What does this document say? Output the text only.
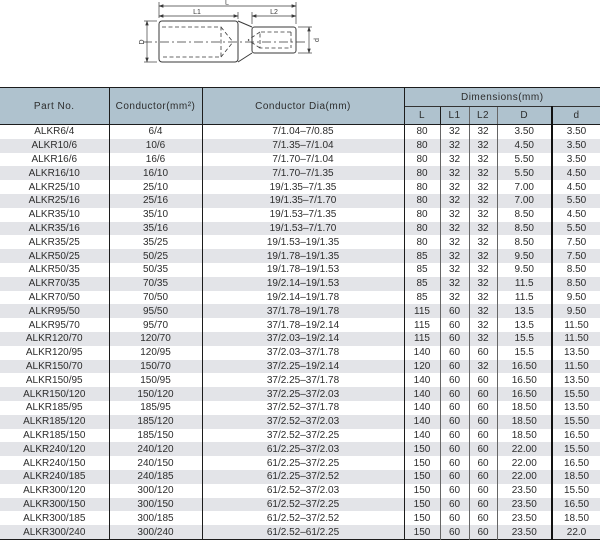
L
L1	L2
D	d
Part No.	Conductor(mm²)	Conductor Dia(mm)	Dimensions(mm)				
			L	L1	L2	D	d
ALKR6/4	6/4	7/1.04–7/0.85	80	32	32	3.50	3.50
ALKR10/6	10/6	7/1.35–7/1.04	80	32	32	4.50	3.50
ALKR16/6	16/6	7/1.70–7/1.04	80	32	32	5.50	3.50
ALKR16/10	16/10	7/1.70–7/1.35	80	32	32	5.50	4.50
ALKR25/10	25/10	19/1.35–7/1.35	80	32	32	7.00	4.50
ALKR25/16	25/16	19/1.35–7/1.70	80	32	32	7.00	5.50
ALKR35/10	35/10	19/1.53–7/1.35	80	32	32	8.50	4.50
ALKR35/16	35/16	19/1.53–7/1.70	80	32	32	8.50	5.50
ALKR35/25	35/25	19/1.53–19/1.35	80	32	32	8.50	7.50
ALKR50/25	50/25	19/1.78–19/1.35	85	32	32	9.50	7.50
ALKR50/35	50/35	19/1.78–19/1.53	85	32	32	9.50	8.50
ALKR70/35	70/35	19/2.14–19/1.53	85	32	32	11.5	8.50
ALKR70/50	70/50	19/2.14–19/1.78	85	32	32	11.5	9.50
ALKR95/50	95/50	37/1.78–19/1.78	115	60	32	13.5	9.50
ALKR95/70	95/70	37/1.78–19/2.14	115	60	32	13.5	11.50
ALKR120/70	120/70	37/2.03–19/2.14	115	60	32	15.5	11.50
ALKR120/95	120/95	37/2.03–37/1.78	140	60	60	15.5	13.50
ALKR150/70	150/70	37/2.25–19/2.14	120	60	32	16.50	11.50
ALKR150/95	150/95	37/2.25–37/1.78	140	60	60	16.50	13.50
ALKR150/120	150/120	37/2.25–37/2.03	140	60	60	16.50	15.50
ALKR185/95	185/95	37/2.52–37/1.78	140	60	60	18.50	13.50
ALKR185/120	185/120	37/2.52–37/2.03	140	60	60	18.50	15.50
ALKR185/150	185/150	37/2.52–37/2.25	140	60	60	18.50	16.50
ALKR240/120	240/120	61/2.25–37/2.03	150	60	60	22.00	15.50
ALKR240/150	240/150	61/2.25–37/2.25	150	60	60	22.00	16.50
ALKR240/185	240/185	61/2.25–37/2.52	150	60	60	22.00	18.50
ALKR300/120	300/120	61/2.52–37/2.03	150	60	60	23.50	15.50
ALKR300/150	300/150	61/2.52–37/2.25	150	60	60	23.50	16.50
ALKR300/185	300/185	61/2.52–37/2.52	150	60	60	23.50	18.50
ALKR300/240	300/240	61/2.52–61/2.25	150	60	60	23.50	22.0
